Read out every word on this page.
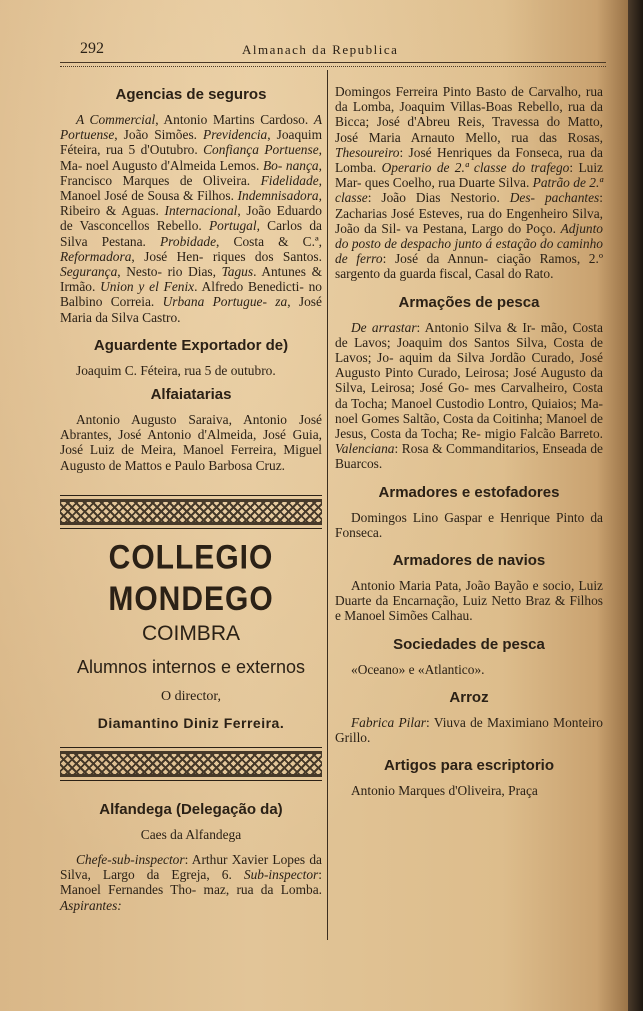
292	Almanach da Republica
Agencias de seguros

A Commercial, Antonio Martins Cardoso. A Portuense, João Simões. Previdencia, Joaquim Féteira, rua 5 d'Outubro. Confiança Portuense, Ma- noel Augusto d'Almeida Lemos. Bo- nança, Francisco Marques de Oliveira. Fidelidade, Manoel José de Sousa & Filhos. Indemnisadora, Ribeiro & Aguas. Internacional, João Eduardo de Vasconcellos Rebello. Portugal, Carlos da Silva Pestana. Probidade, Costa & C.ª, Reformadora, José Hen- riques dos Santos. Segurança, Nesto- rio Dias, Tagus. Antunes & Irmão. Union y el Fenix. Alfredo Benedicti- no Balbino Correia. Urbana Portugue- za, José Maria da Silva Castro.

Aguardente Exportador de)

Joaquim C. Féteira, rua 5 de outubro.

Alfaiatarias

Antonio Augusto Saraiva, Antonio José Abrantes, José Antonio d'Almeida, José Guia, José Luiz de Meira, Manoel Ferreira, Miguel Augusto de Mattos e Paulo Barbosa Cruz.

COLLEGIO MONDEGO
COIMBRA
Alumnos internos e externos
O director,
Diamantino Diniz Ferreira.
Alfandega (Delegação da)

Caes da Alfandega

Chefe-sub-inspector: Arthur Xavier Lopes da Silva, Largo da Egreja, 6. Sub-inspector: Manoel Fernandes Tho- maz, rua da Lomba. Aspirantes:

Domingos Ferreira Pinto Basto de Carvalho, rua da Lomba, Joaquim Villas-Boas Rebello, rua da Bicca; José d'Abreu Reis, Travessa do Matto, José Maria Arnauto Mello, rua das Rosas, Thesoureiro: José Henriques da Fonseca, rua da Lomba. Operario de 2.ª classe do trafego: Luiz Mar- ques Coelho, rua Duarte Silva. Patrão de 2.ª classe: João Dias Nestorio. Des- pachantes: Zacharias José Esteves, rua do Engenheiro Silva, João da Sil- va Pestana, Largo do Poço. Adjunto do posto de despacho junto á estação do caminho de ferro: José da Annun- ciação Ramos, 2.º sargento da guarda fiscal, Casal do Rato.

Armações de pesca

De arrastar: Antonio Silva & Ir- mão, Costa de Lavos; Joaquim dos Santos Silva, Costa de Lavos; Jo- aquim da Silva Jordão Curado, José Augusto Pinto Curado, Leirosa; José Augusto da Silva, Leirosa; José Go- mes Carvalheiro, Costa da Tocha; Manoel Custodio Lontro, Quiaios; Ma- noel Gomes Saltão, Costa da Coitinha; Manoel de Jesus, Costa da Tocha; Re- migio Falcão Barreto. Valenciana: Rosa & Commanditarios, Enseada de Buarcos.

Armadores e estofadores

Domingos Lino Gaspar e Henrique Pinto da Fonseca.

Armadores de navios

Antonio Maria Pata, João Bayão e socio, Luiz Duarte da Encarnação, Luiz Netto Braz & Filhos e Manoel Simões Calhau.

Sociedades de pesca

«Oceano» e «Atlantico».

Arroz

Fabrica Pilar: Viuva de Maximiano Monteiro Grillo.

Artigos para escriptorio

Antonio Marques d'Oliveira, Praça
